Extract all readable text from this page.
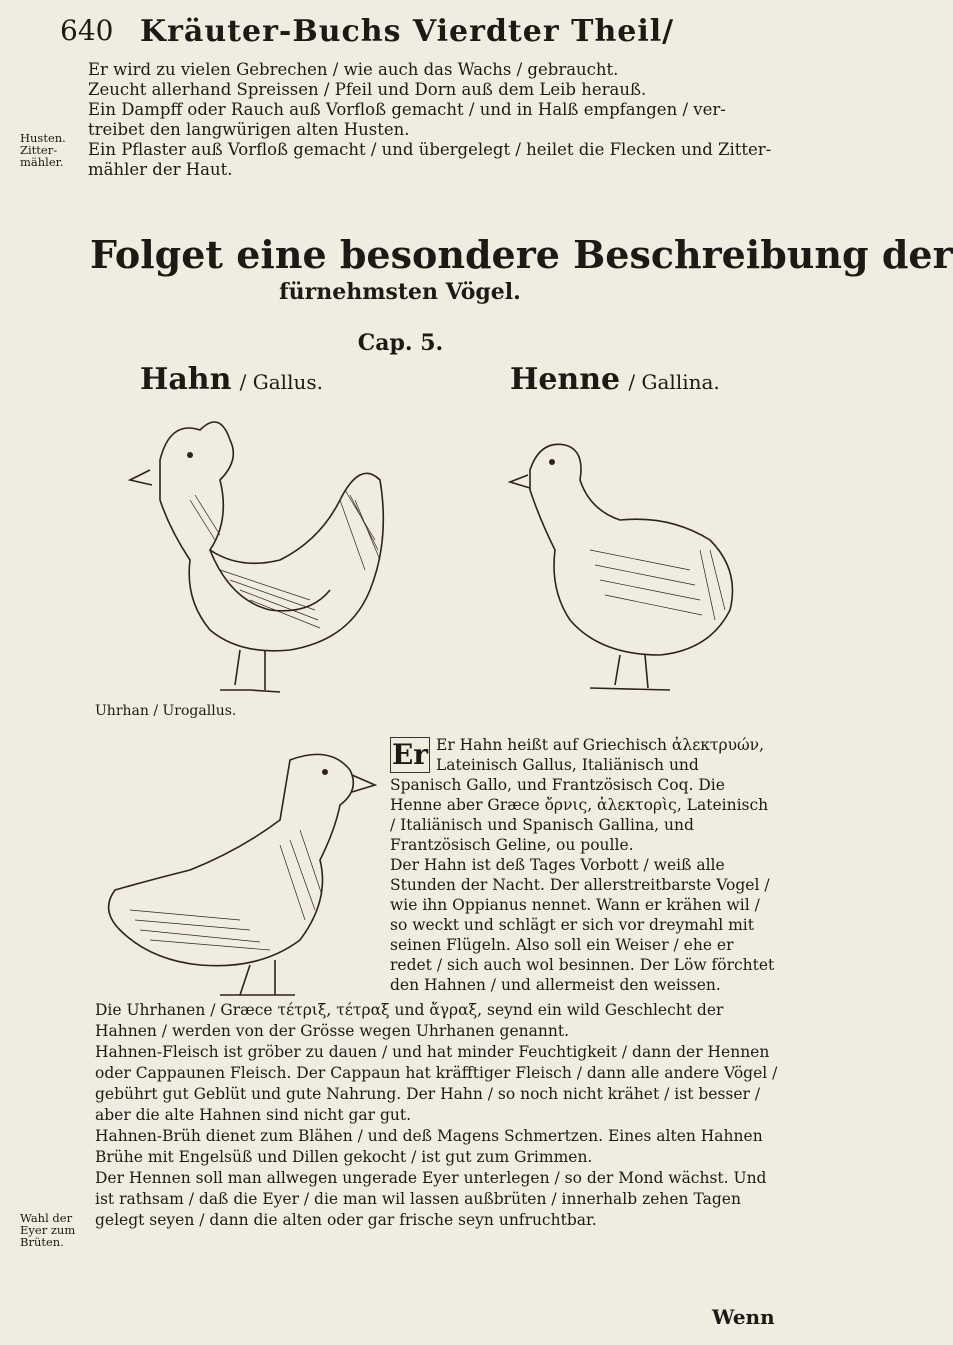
640 Kräuter-Buchs Vierdter Theil/
Husten. Zitter-mähler.

Er wird zu vielen Gebrechen / wie auch das Wachs / gebraucht.

Zeucht allerhand Spreissen / Pfeil und Dorn auß dem Leib herauß.

Ein Dampff oder Rauch auß Vorfloß gemacht / und in Halß empfangen / ver-

treibet den langwürigen alten Husten.

Ein Pflaster auß Vorfloß gemacht / und übergelegt / heilet die Flecken und Zitter-

mähler der Haut.

Folget eine besondere Beschreibung der
fürnehmsten Vögel.
Cap. 5.
Hahn / Gallus.	Henne / Gallina.
Uhrhan / Urogallus.
Er Er Hahn heißt auf Griechisch ἀλεκτρυών, Lateinisch Gallus, Italiänisch und Spanisch Gallo, und Frantzösisch Coq. Die Henne aber Græce ὄρνις, ἀλεκτορὶς, Lateinisch / Italiänisch und Spanisch Gallina, und Frantzösisch Geline, ou poulle.

Der Hahn ist deß Tages Vorbott / weiß alle Stunden der Nacht. Der allerstreitbarste Vogel / wie ihn Oppianus nennet. Wann er krähen wil / so weckt und schlägt er sich vor dreymahl mit seinen Flügeln. Also soll ein Weiser / ehe er redet / sich auch wol besinnen. Der Löw förchtet den Hahnen / und allermeist den weissen.

Die Uhrhanen / Græce τέτριξ, τέτραξ und ἄγραξ, seynd ein wild Geschlecht der Hahnen / werden von der Grösse wegen Uhrhanen genannt.

Hahnen-Fleisch ist gröber zu dauen / und hat minder Feuchtigkeit / dann der Hennen oder Cappaunen Fleisch. Der Cappaun hat kräfftiger Fleisch / dann alle andere Vögel / gebührt gut Geblüt und gute Nahrung. Der Hahn / so noch nicht krähet / ist besser / aber die alte Hahnen sind nicht gar gut.

Hahnen-Brüh dienet zum Blähen / und deß Magens Schmertzen. Eines alten Hahnen Brühe mit Engelsüß und Dillen gekocht / ist gut zum Grimmen.

Der Hennen soll man allwegen ungerade Eyer unterlegen / so der Mond wächst. Und ist rathsam / daß die Eyer / die man wil lassen außbrüten / innerhalb zehen Tagen gelegt seyen / dann die alten oder gar frische seyn unfruchtbar.

Wahl der Eyer zum Brüten.
Wenn
